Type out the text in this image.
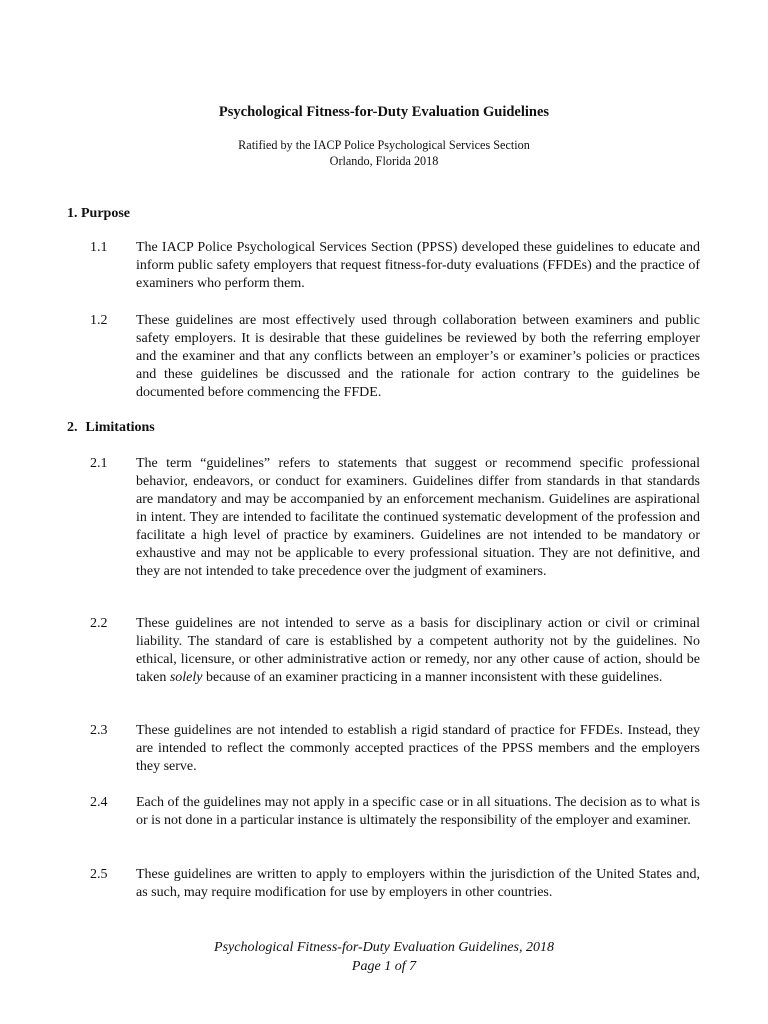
Psychological Fitness-for-Duty Evaluation Guidelines
Ratified by the IACP Police Psychological Services Section
Orlando, Florida 2018
1. Purpose
1.1	The IACP Police Psychological Services Section (PPSS) developed these guidelines to educate and inform public safety employers that request fitness-for-duty evaluations (FFDEs) and the practice of examiners who perform them.
1.2	These guidelines are most effectively used through collaboration between examiners and public safety employers. It is desirable that these guidelines be reviewed by both the referring employer and the examiner and that any conflicts between an employer’s or examiner’s policies or practices and these guidelines be discussed and the rationale for action contrary to the guidelines be documented before commencing the FFDE.
2. Limitations
2.1	The term “guidelines” refers to statements that suggest or recommend specific professional behavior, endeavors, or conduct for examiners. Guidelines differ from standards in that standards are mandatory and may be accompanied by an enforcement mechanism. Guidelines are aspirational in intent. They are intended to facilitate the continued systematic development of the profession and facilitate a high level of practice by examiners. Guidelines are not intended to be mandatory or exhaustive and may not be applicable to every professional situation. They are not definitive, and they are not intended to take precedence over the judgment of examiners.
2.2	These guidelines are not intended to serve as a basis for disciplinary action or civil or criminal liability. The standard of care is established by a competent authority not by the guidelines. No ethical, licensure, or other administrative action or remedy, nor any other cause of action, should be taken solely because of an examiner practicing in a manner inconsistent with these guidelines.
2.3	These guidelines are not intended to establish a rigid standard of practice for FFDEs. Instead, they are intended to reflect the commonly accepted practices of the PPSS members and the employers they serve.
2.4	Each of the guidelines may not apply in a specific case or in all situations. The decision as to what is or is not done in a particular instance is ultimately the responsibility of the employer and examiner.
2.5	These guidelines are written to apply to employers within the jurisdiction of the United States and, as such, may require modification for use by employers in other countries.
Psychological Fitness-for-Duty Evaluation Guidelines, 2018
Page 1 of 7
